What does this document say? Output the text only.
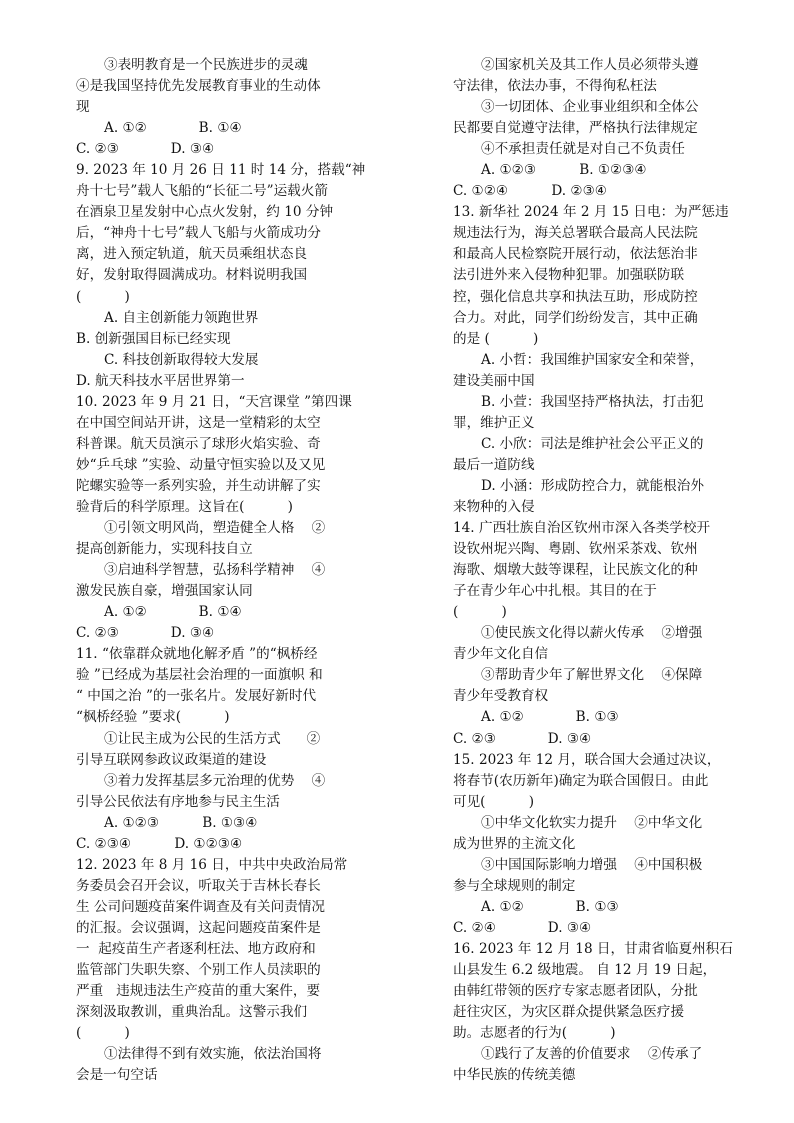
③表明教育是一个民族进步的灵魂
④是我国坚持优先发展教育事业的生动体
现
A. ①②            B. ①④
C. ②③            D. ③④
9. 2023 年 10 月 26 日 11 时 14 分，搭载“神
舟十七号”载人飞船的“长征二号”运载火箭
在酒泉卫星发射中心点火发射，约 10 分钟
后，“神舟十七号”载人飞船与火箭成功分
离，进入预定轨道，航天员乘组状态良
好，发射取得圆满成功。材料说明我国
(          )
A. 自主创新能力领跑世界
B. 创新强国目标已经实现
C. 科技创新取得较大发展
D. 航天科技水平居世界第一
10. 2023 年 9 月 21 日，“天宫课堂 ”第四课
在中国空间站开讲，这是一堂精彩的太空
科普课。航天员演示了球形火焰实验、奇
妙“乒乓球 ”实验、动量守恒实验以及又见
陀螺实验等一系列实验，并生动讲解了实
验背后的科学原理。这旨在(          )
①引领文明风尚，塑造健全人格    ②
提高创新能力，实现科技自立
③启迪科学智慧，弘扬科学精神    ④
激发民族自豪，增强国家认同
A. ①②            B. ①④
C. ②③            D. ③④
11. “依靠群众就地化解矛盾 ”的“枫桥经
验 ”已经成为基层社会治理的一面旗帜 和
“ 中国之治 ”的一张名片。发展好新时代
“枫桥经验 ”要求(          )
①让民主成为公民的生活方式      ②
引导互联网参政议政渠道的建设
③着力发挥基层多元治理的优势    ④
引导公民依法有序地参与民主生活
A. ①②③          B. ①③④
C. ②③④          D. ①②③④
12. 2023 年 8 月 16 日，中共中央政治局常
务委员会召开会议，听取关于吉林长春长
生 公司问题疫苗案件调查及有关问责情况
的汇报。会议强调，这起问题疫苗案件是
一  起疫苗生产者逐利枉法、地方政府和
监管部门失职失察、个别工作人员渎职的
严重   违规违法生产疫苗的重大案件，要
深刻汲取教训，重典治乱。这警示我们
(          )
①法律得不到有效实施，依法治国将
会是一句空话
②国家机关及其工作人员必须带头遵
守法律，依法办事，不得徇私枉法
③一切团体、企业事业组织和全体公
民都要自觉遵守法律，严格执行法律规定
④不承担责任就是对自己不负责任
A. ①②③          B. ①②③④
C. ①②④          D. ②③④
13. 新华社 2024 年 2 月 15 日电：为严惩违
规违法行为，海关总署联合最高人民法院
和最高人民检察院开展行动，依法惩治非
法引进外来入侵物种犯罪。加强联防联
控，强化信息共享和执法互助，形成防控
合力。对此，同学们纷纷发言，其中正确
的是 (          )
A. 小哲：我国维护国家安全和荣誉，
建设美丽中国
B. 小萱：我国坚持严格执法，打击犯
罪，维护正义
C. 小欣：司法是维护社会公平正义的
最后一道防线
D. 小涵：形成防控合力，就能根治外
来物种的入侵
14. 广西壮族自治区钦州市深入各类学校开
设钦州坭兴陶、粤剧、钦州采茶戏、钦州
海歌、烟墩大鼓等课程，让民族文化的种
子在青少年心中扎根。其目的在于
(          )
①使民族文化得以薪火传承    ②增强
青少年文化自信
③帮助青少年了解世界文化    ④保障
青少年受教育权
A. ①②            B. ①③
C. ②③            D. ③④
15. 2023 年 12 月，联合国大会通过决议，
将春节(农历新年)确定为联合国假日。由此
可见(          )
①中华文化软实力提升    ②中华文化
成为世界的主流文化
③中国国际影响力增强    ④中国积极
参与全球规则的制定
A. ①②            B. ①③
C. ②④            D. ③④
16. 2023 年 12 月 18 日，甘肃省临夏州积石
山县发生 6.2 级地震。 自 12 月 19 日起，
由韩红带领的医疗专家志愿者团队，分批
赶往灾区，为灾区群众提供紧急医疗援
助。志愿者的行为(          )
①践行了友善的价值要求    ②传承了
中华民族的传统美德
